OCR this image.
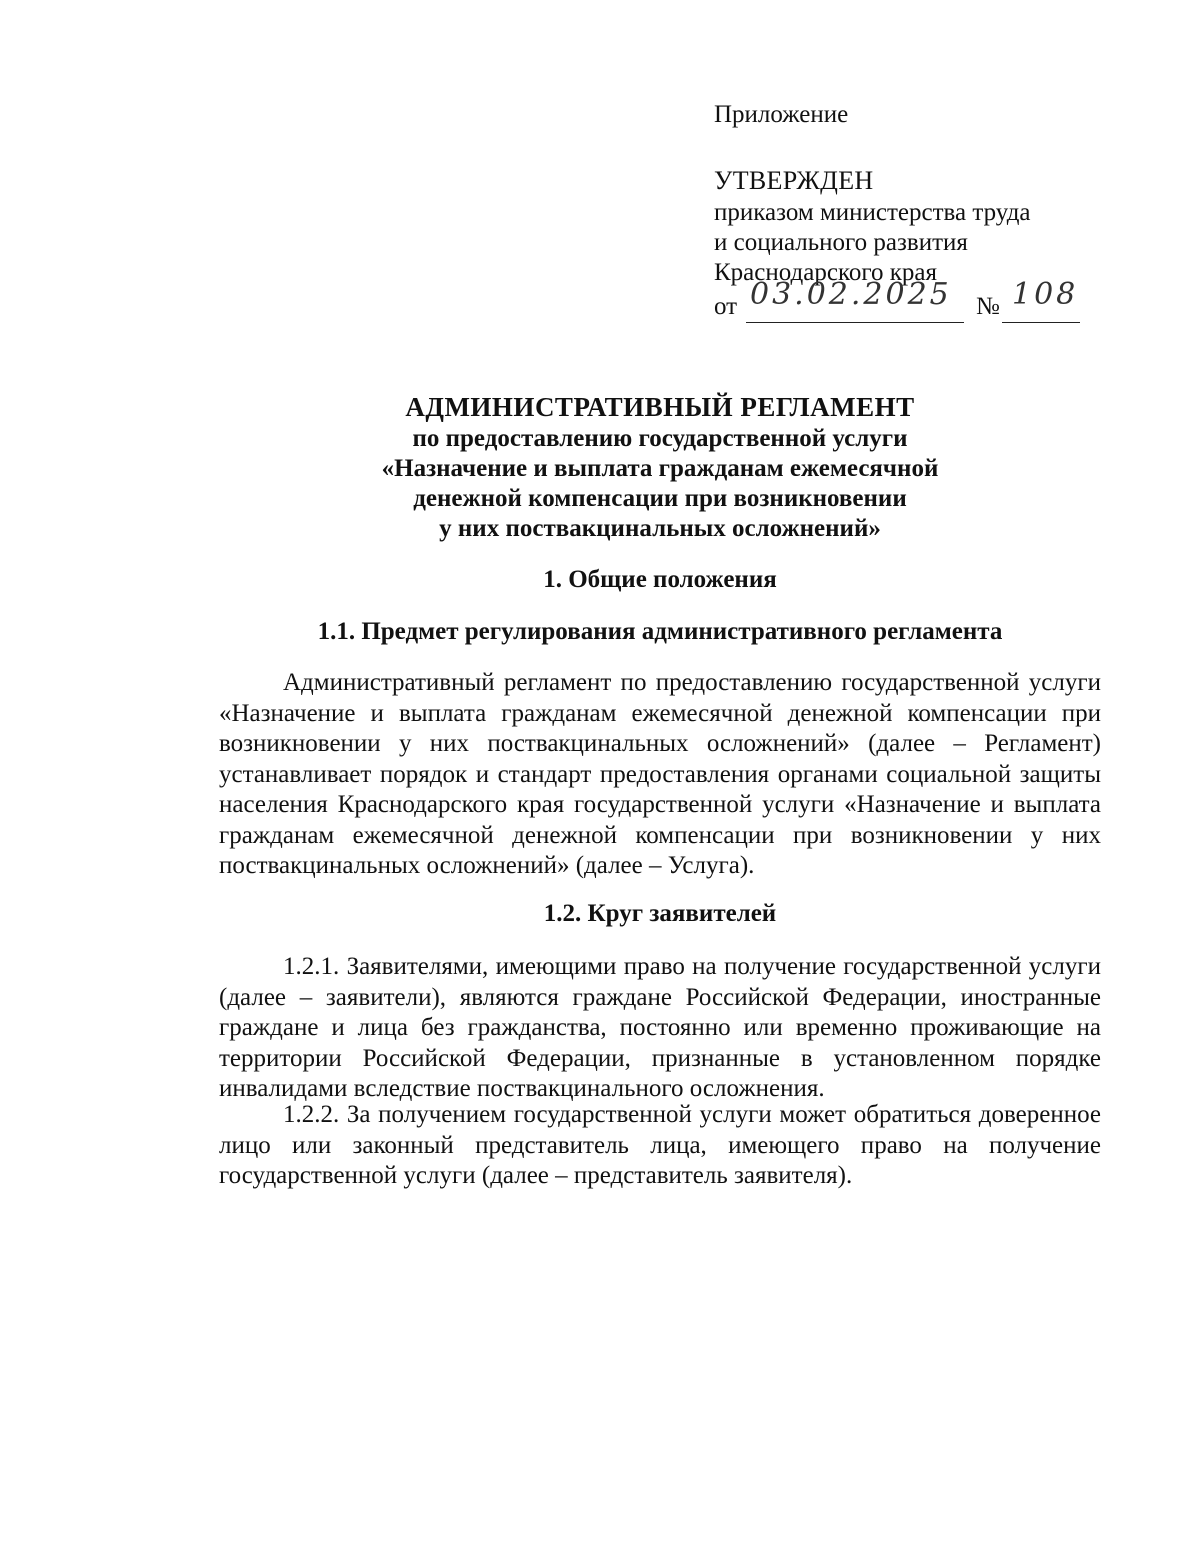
Приложение
УТВЕРЖДЕН
приказом министерства труда
и социального развития
Краснодарского края
от 03.02.2025 № 108
АДМИНИСТРАТИВНЫЙ РЕГЛАМЕНТ
по предоставлению государственной услуги
«Назначение и выплата гражданам ежемесячной
денежной компенсации при возникновении
у них поствакцинальных осложнений»
1. Общие положения
1.1. Предмет регулирования административного регламента

Административный регламент по предоставлению государственной услуги «Назначение и выплата гражданам ежемесячной денежной компенсации при возникновении у них поствакцинальных осложнений» (далее – Регламент) устанавливает порядок и стандарт предоставления органами социальной защиты населения Краснодарского края государственной услуги «Назначение и выплата гражданам ежемесячной денежной компенсации при возникновении у них поствакцинальных осложнений» (далее – Услуга).

1.2. Круг заявителей

1.2.1. Заявителями, имеющими право на получение государственной услуги (далее – заявители), являются граждане Российской Федерации, иностранные граждане и лица без гражданства, постоянно или временно проживающие на территории Российской Федерации, признанные в установленном порядке инвалидами вследствие поствакцинального осложнения.

1.2.2. За получением государственной услуги может обратиться доверенное лицо или законный представитель лица, имеющего право на получение государственной услуги (далее – представитель заявителя).
